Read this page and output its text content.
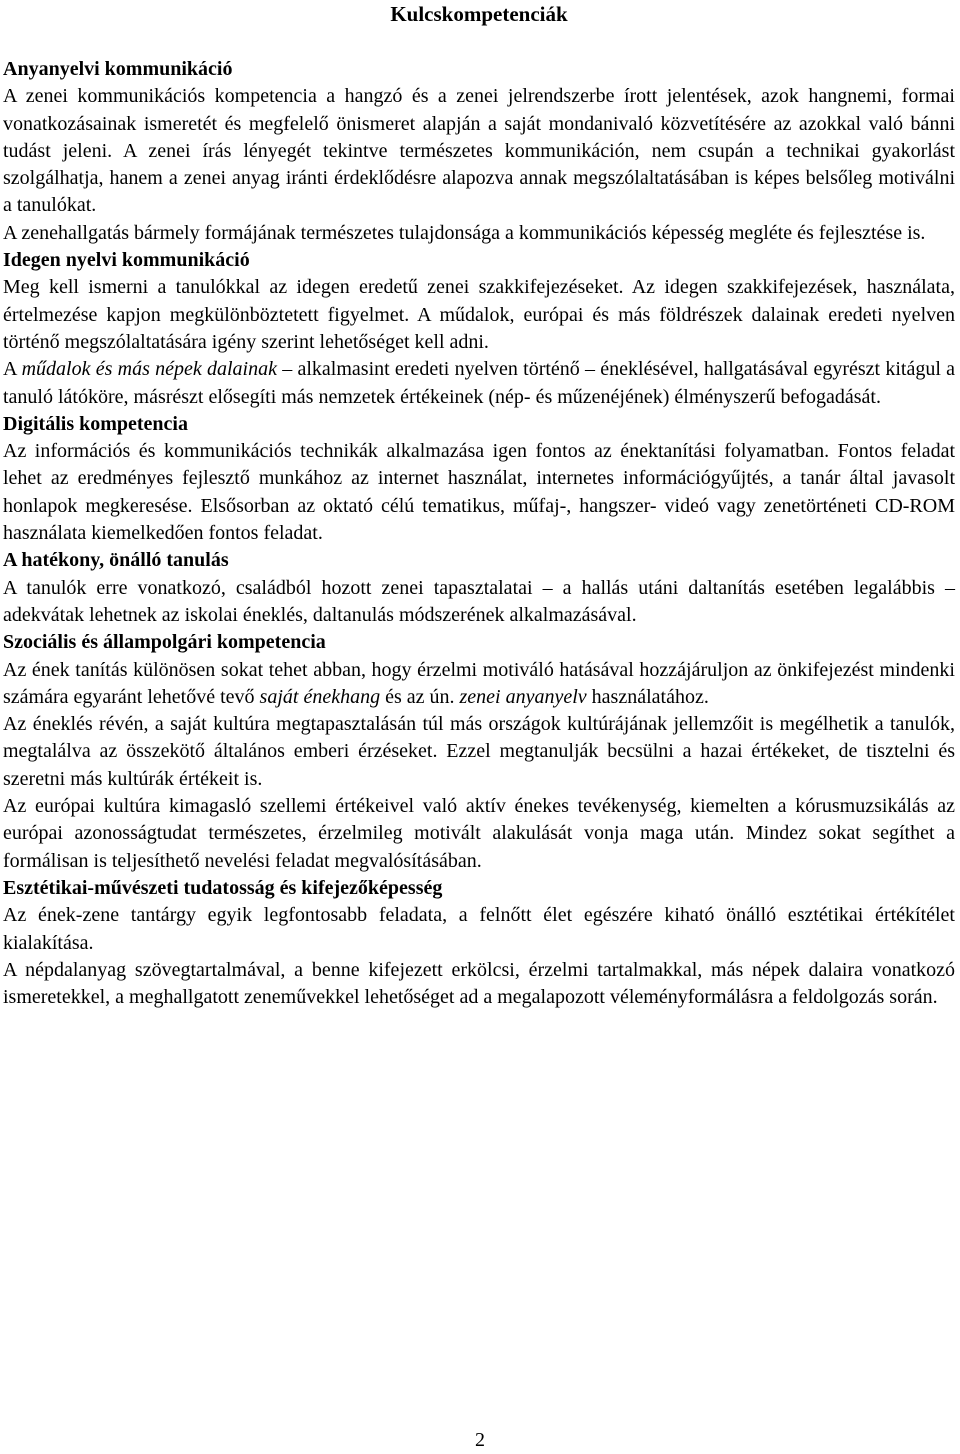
Kulcskompetenciák
Anyanyelvi kommunikáció

A zenei kommunikációs kompetencia a hangzó és a zenei jelrendszerbe írott jelentések, azok hangnemi, formai vonatkozásainak ismeretét és megfelelő önismeret alapján a saját mondanivaló közvetítésére az azokkal való bánni tudást jeleni. A zenei írás lényegét tekintve természetes kommunikáción, nem csupán a technikai gyakorlást szolgálhatja, hanem a zenei anyag iránti érdeklődésre alapozva annak megszólaltatásában is képes belsőleg motiválni a tanulókat.

A zenehallgatás bármely formájának természetes tulajdonsága a kommunikációs képesség megléte és fejlesztése is.

Idegen nyelvi kommunikáció

Meg kell ismerni a tanulókkal az idegen eredetű zenei szakkifejezéseket. Az idegen szakkifejezések, használata, értelmezése kapjon megkülönböztetett figyelmet. A műdalok, európai és más földrészek dalainak eredeti nyelven történő megszólaltatására igény szerint lehetőséget kell adni.

A műdalok és más népek dalainak – alkalmasint eredeti nyelven történő – éneklésével, hallgatásával egyrészt kitágul a tanuló látóköre, másrészt elősegíti más nemzetek értékeinek (nép- és műzenéjének) élményszerű befogadását.

Digitális kompetencia

Az információs és kommunikációs technikák alkalmazása igen fontos az énektanítási folyamatban. Fontos feladat lehet az eredményes fejlesztő munkához az internet használat, internetes információgyűjtés, a tanár által javasolt honlapok megkeresése. Elsősorban az oktató célú tematikus, műfaj-, hangszer- videó vagy zenetörténeti CD-ROM használata kiemelkedően fontos feladat.

A hatékony, önálló tanulás

A tanulók erre vonatkozó, családból hozott zenei tapasztalatai – a hallás utáni daltanítás esetében legalábbis – adekvátak lehetnek az iskolai éneklés, daltanulás módszerének alkalmazásával.

Szociális és állampolgári kompetencia

Az ének tanítás különösen sokat tehet abban, hogy érzelmi motiváló hatásával hozzájáruljon az önkifejezést mindenki számára egyaránt lehetővé tevő saját énekhang és az ún. zenei anyanyelv használatához.

Az éneklés révén, a saját kultúra megtapasztalásán túl más országok kultúrájának jellemzőit is megélhetik a tanulók, megtalálva az összekötő általános emberi érzéseket. Ezzel megtanulják becsülni a hazai értékeket, de tisztelni és szeretni más kultúrák értékeit is.

Az európai kultúra kimagasló szellemi értékeivel való aktív énekes tevékenység, kiemelten a kórusmuzsikálás az európai azonosságtudat természetes, érzelmileg motivált alakulását vonja maga után. Mindez sokat segíthet a formálisan is teljesíthető nevelési feladat megvalósításában.

Esztétikai-művészeti tudatosság és kifejezőképesség

Az ének-zene tantárgy egyik legfontosabb feladata, a felnőtt élet egészére kiható önálló esztétikai értékítélet kialakítása.

A népdalanyag szövegtartalmával, a benne kifejezett erkölcsi, érzelmi tartalmakkal, más népek dalaira vonatkozó ismeretekkel, a meghallgatott zeneművekkel lehetőséget ad a megalapozott véleményformálásra a feldolgozás során.

2
